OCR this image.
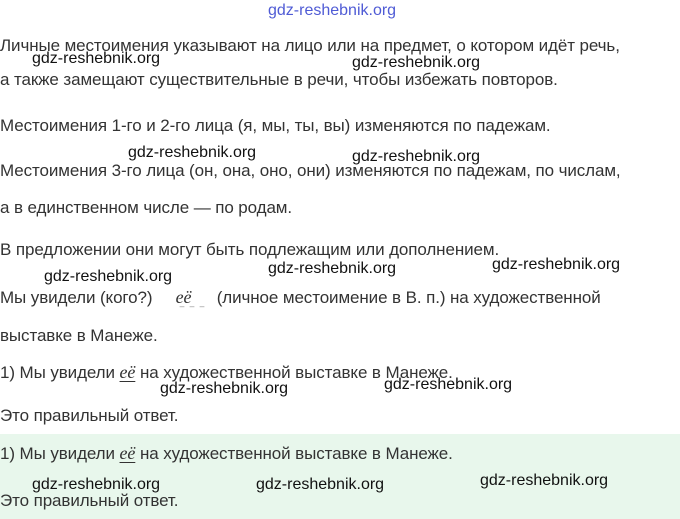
gdz-reshebnik.org
Личные местоимения указывают на лицо или на предмет, о котором идёт речь,
gdz-reshebnik.org	gdz-reshebnik.org
а также замещают существительные в речи, чтобы избежать повторов.
Местоимения 1-го и 2-го лица (я, мы, ты, вы) изменяются по падежам.
gdz-reshebnik.org	gdz-reshebnik.org
Местоимения 3-го лица (он, она, оно, они) изменяются по падежам, по числам,
а в единственном числе — по родам.
В предложении они могут быть подлежащим или дополнением.
gdz-reshebnik.org	gdz-reshebnik.org	gdz-reshebnik.org
Мы увидели (кого?) её (личное местоимение в В. п.) на художественной
‾‾‾
выставке в Манеже.
1) Мы увидели её на художественной выставке в Манеже.
gdz-reshebnik.org	gdz-reshebnik.org
Это правильный ответ.
1) Мы увидели её на художественной выставке в Манеже.
gdz-reshebnik.org	gdz-reshebnik.org	gdz-reshebnik.org
Это правильный ответ.
